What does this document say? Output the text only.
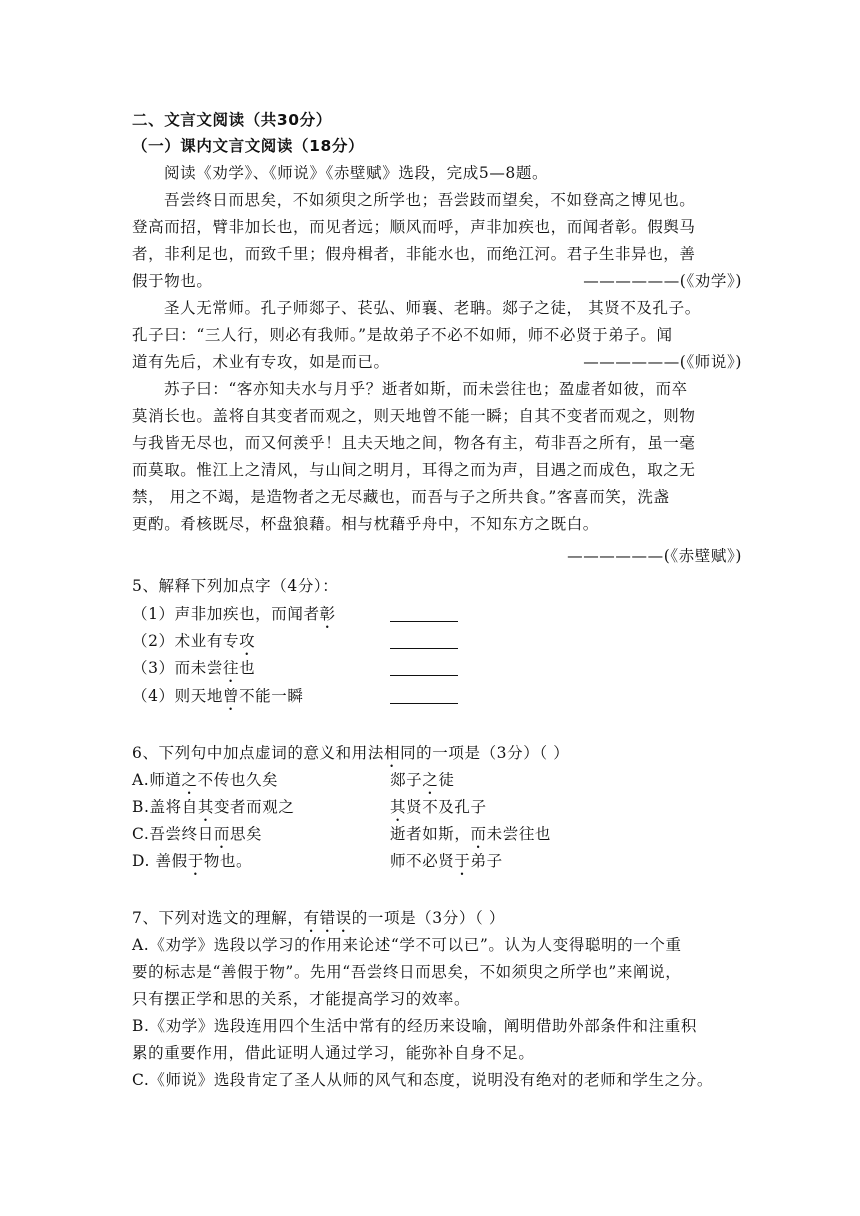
二、文言文阅读（共30分）
（一）课内文言文阅读（18分）
阅读《劝学》、《师说》《赤壁赋》选段，完成5—8题。
吾尝终日而思矣，不如须臾之所学也；吾尝跂而望矣，不如登高之博见也。
登高而招，臂非加长也，而见者远；顺风而呼，声非加疾也，而闻者彰。假舆马
者，非利足也，而致千里；假舟楫者，非能水也，而绝江河。君子生非异也，善
假于物也。	——————(《劝学》)
圣人无常师。孔子师郯子、苌弘、师襄、老聃。郯子之徒， 其贤不及孔子。
孔子曰：“三人行，则必有我师。”是故弟子不必不如师，师不必贤于弟子。闻
道有先后，术业有专攻，如是而已。	——————(《师说》)
苏子曰：“客亦知夫水与月乎？逝者如斯，而未尝往也；盈虚者如彼，而卒
莫消长也。盖将自其变者而观之，则天地曾不能一瞬；自其不变者而观之，则物
与我皆无尽也，而又何羡乎！且夫天地之间，物各有主，苟非吾之所有，虽一毫
而莫取。惟江上之清风，与山间之明月，耳得之而为声，目遇之而成色，取之无
禁， 用之不竭，是造物者之无尽藏也，而吾与子之所共食。”客喜而笑，洗盏
更酌。肴核既尽，杯盘狼藉。相与枕藉乎舟中，不知东方之既白。
——————(《赤壁赋》)
5、解释下列加点字（4分）：
（1）声非加疾也，而闻者彰
（2）术业有专攻
（3）而未尝往也
（4）则天地曾不能一瞬
6、下列句中加点虚词的意义和用法相同的一项是（3分）（ ）
A.师道之不传也久矣	郯子之徒
B.盖将自其变者而观之	其贤不及孔子
C.吾尝终日而思矣	逝者如斯，而未尝往也
D. 善假于物也。	师不必贤于弟子
7、下列对选文的理解，有错误的一项是（3分）（ ）
A.《劝学》选段以学习的作用来论述“学不可以已”。认为人变得聪明的一个重
要的标志是“善假于物”。先用“吾尝终日而思矣，不如须臾之所学也”来阐说，
只有摆正学和思的关系，才能提高学习的效率。
B.《劝学》选段连用四个生活中常有的经历来设喻，阐明借助外部条件和注重积
累的重要作用，借此证明人通过学习，能弥补自身不足。
C.《师说》选段肯定了圣人从师的风气和态度，说明没有绝对的老师和学生之分。
